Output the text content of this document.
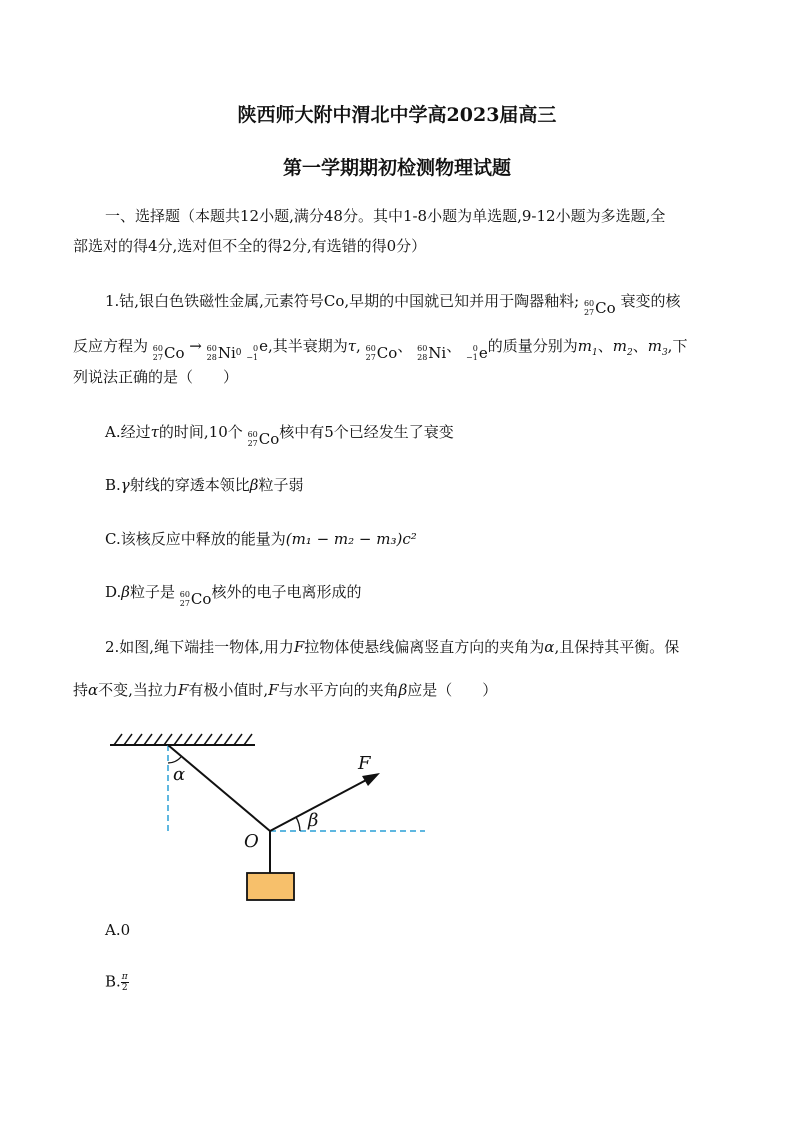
陕西师大附中渭北中学高2023届高三
第一学期期初检测物理试题
一、选择题（本题共12小题,满分48分。其中1-8小题为单选题,9-12小题为多选题,全
部选对的得4分,选对但不全的得2分,有选错的得0分）
1.钴,银白色铁磁性金属,元素符号Co,早期的中国就已知并用于陶器釉料; 60
27 Co 衰变的核
反应方程为 60
27 Co → 60
28 Ni 0
	0
−1
e,其半衰期为τ, 60
27 Co 、 60
28 Ni 、	0
−1 e 的质量分别为$m_1$、$m_2$、$m_3$,下
列说法正确的是（　　）
A.经过τ的时间,10个 60
27 Co 核中有5个已经发生了衰变
B.γ射线的穿透本领比β粒子弱
C.该核反应中释放的能量为(m₁ − m₂ − m₃)c²
D.β粒子是 60
27 Co 核外的电子电离形成的
2.如图,绳下端挂一物体,用力F拉物体使悬线偏离竖直方向的夹角为α,且保持其平衡。保
持α不变,当拉力F有极小值时,F与水平方向的夹角β应是（　　）
α
F
β
O
A.0
B. $\frac{\pi}{2}$
